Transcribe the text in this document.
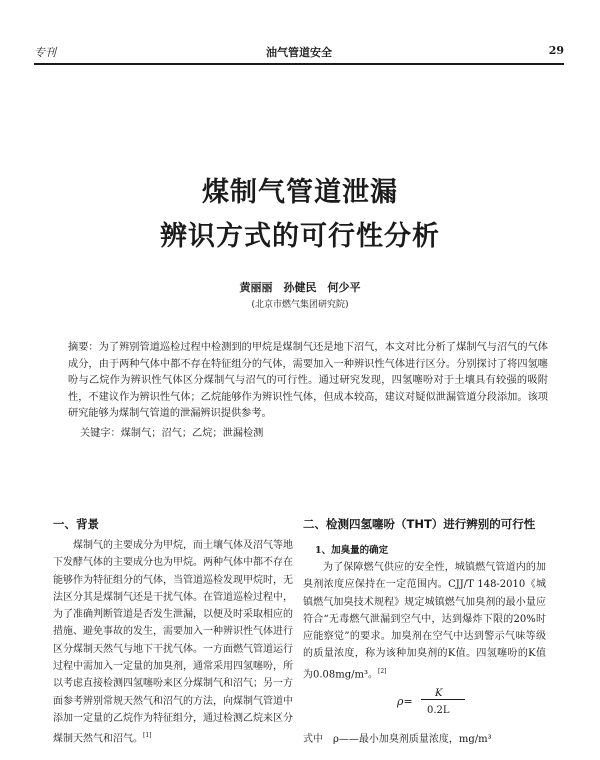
专刊	油气管道安全	29
煤制气管道泄漏
辨识方式的可行性分析
黄丽丽　孙健民　何少平
(北京市燃气集团研究院)
摘要：为了辨别管道巡检过程中检测到的甲烷是煤制气还是地下沼气，本文对比分析了煤制气与沼气的气体成分，由于两种气体中都不存在特征组分的气体，需要加入一种辨识性气体进行区分。分别探讨了将四氢噻吩与乙烷作为辨识性气体区分煤制气与沼气的可行性。通过研究发现，四氢噻吩对于土壤具有较强的吸附性，不建议作为辨识性气体；乙烷能够作为辨识性气体，但成本较高，建议对疑似泄漏管道分段添加。该项研究能够为煤制气管道的泄漏辨识提供参考。
关键字：煤制气；沼气；乙烷；泄漏检测
一、背景

煤制气的主要成分为甲烷，而土壤气体及沼气等地下发酵气体的主要成分也为甲烷。两种气体中都不存在能够作为特征组分的气体，当管道巡检发现甲烷时，无法区分其是煤制气还是干扰气体。在管道巡检过程中，为了准确判断管道是否发生泄漏，以便及时采取相应的措施、避免事故的发生，需要加入一种辨识性气体进行区分煤制天然气与地下干扰气体。一方面燃气管道运行过程中需加入一定量的加臭剂，通常采用四氢噻吩，所以考虑直接检测四氢噻吩来区分煤制气和沼气；另一方面参考辨别常规天然气和沼气的方法，向煤制气管道中添加一定量的乙烷作为特征组分，通过检测乙烷来区分煤制天然气和沼气。[1]

二、检测四氢噻吩（THT）进行辨别的可行性
1、加臭量的确定

为了保障燃气供应的安全性，城镇燃气管道内的加臭剂浓度应保持在一定范围内。CJJ/T 148-2010《城镇燃气加臭技术规程》规定城镇燃气加臭剂的最小量应符合“无毒燃气泄漏到空气中，达到爆炸下限的20%时应能察觉”的要求。加臭剂在空气中达到警示气味等级的质量浓度，称为该种加臭剂的K值。四氢噻吩的K值为0.08mg/m³。[2]

ρ=
K
0.2L
式中　ρ——最小加臭剂质量浓度，mg/m³
